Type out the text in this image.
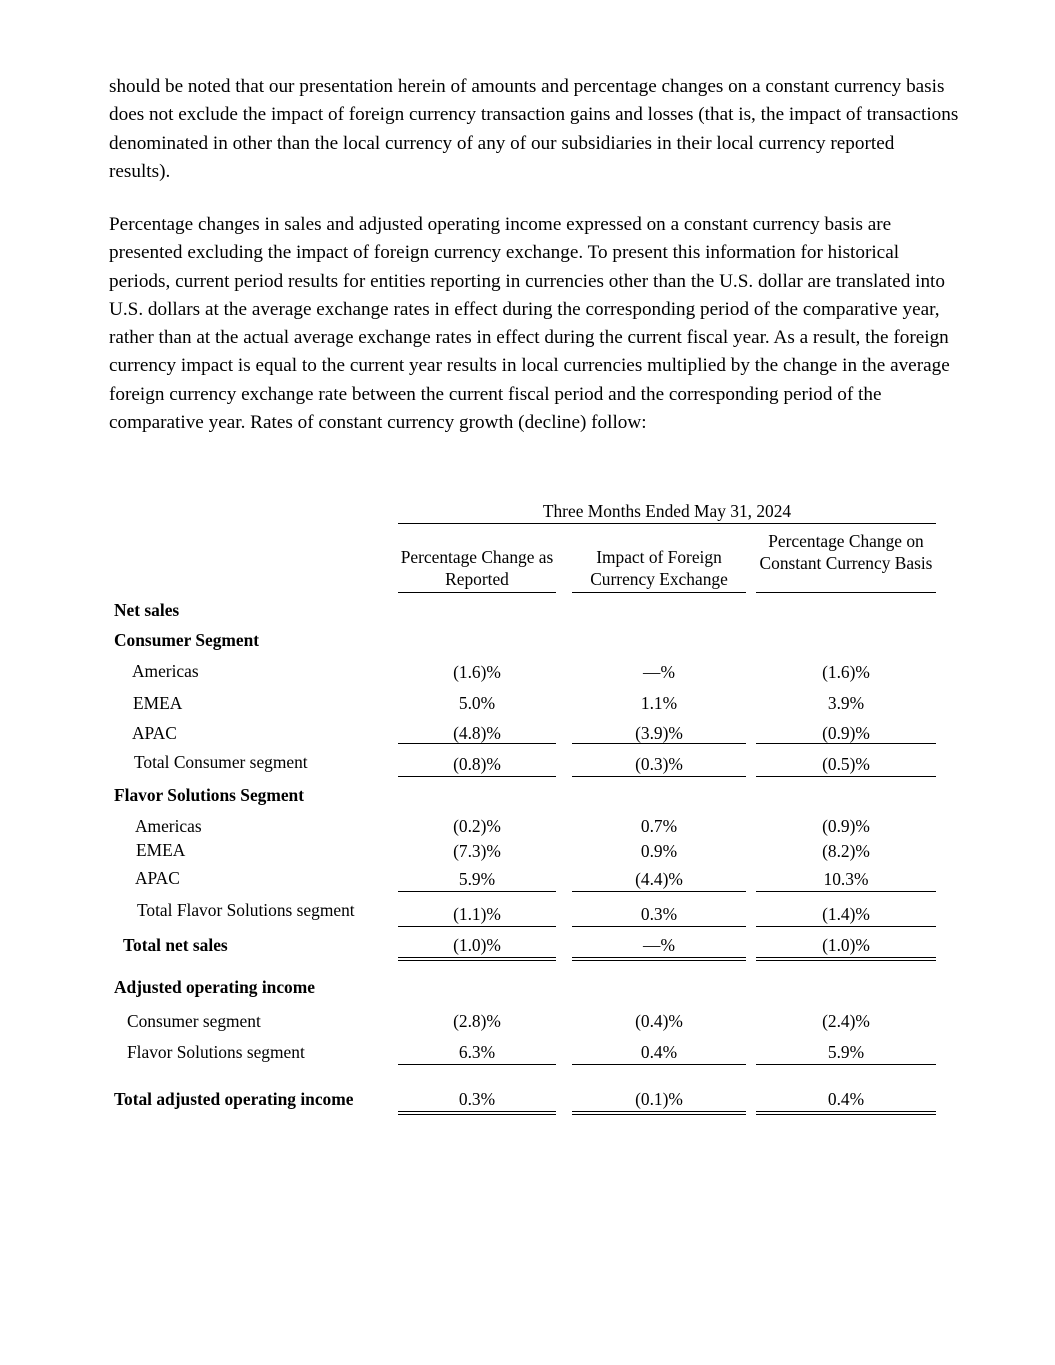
should be noted that our presentation herein of amounts and percentage changes on a constant currency basis does not exclude the impact of foreign currency transaction gains and losses (that is, the impact of transactions denominated in other than the local currency of any of our subsidiaries in their local currency reported results).

Percentage changes in sales and adjusted operating income expressed on a constant currency basis are presented excluding the impact of foreign currency exchange. To present this information for historical periods, current period results for entities reporting in currencies other than the U.S. dollar are translated into U.S. dollars at the average exchange rates in effect during the corresponding period of the comparative year, rather than at the actual average exchange rates in effect during the current fiscal year. As a result, the foreign currency impact is equal to the current year results in local currencies multiplied by the change in the average foreign currency exchange rate between the current fiscal period and the corresponding period of the comparative year. Rates of constant currency growth (decline) follow:

Three Months Ended May 31, 2024
Percentage Change as Reported
Impact of Foreign Currency Exchange
Percentage Change on Constant Currency Basis
Net sales
Consumer Segment
Americas	(1.6)%	—%	(1.6)%
EMEA	5.0%	1.1%	3.9%
APAC	(4.8)%	(3.9)%	(0.9)%
Total Consumer segment	(0.8)%	(0.3)%	(0.5)%
Flavor Solutions Segment
Americas	(0.2)%	0.7%	(0.9)%
EMEA	(7.3)%	0.9%	(8.2)%
APAC	5.9%	(4.4)%	10.3%
Total Flavor Solutions segment	(1.1)%	0.3%	(1.4)%
Total net sales	(1.0)%	—%	(1.0)%
Adjusted operating income
Consumer segment	(2.8)%	(0.4)%	(2.4)%
Flavor Solutions segment	6.3%	0.4%	5.9%
Total adjusted operating income	0.3%	(0.1)%	0.4%
